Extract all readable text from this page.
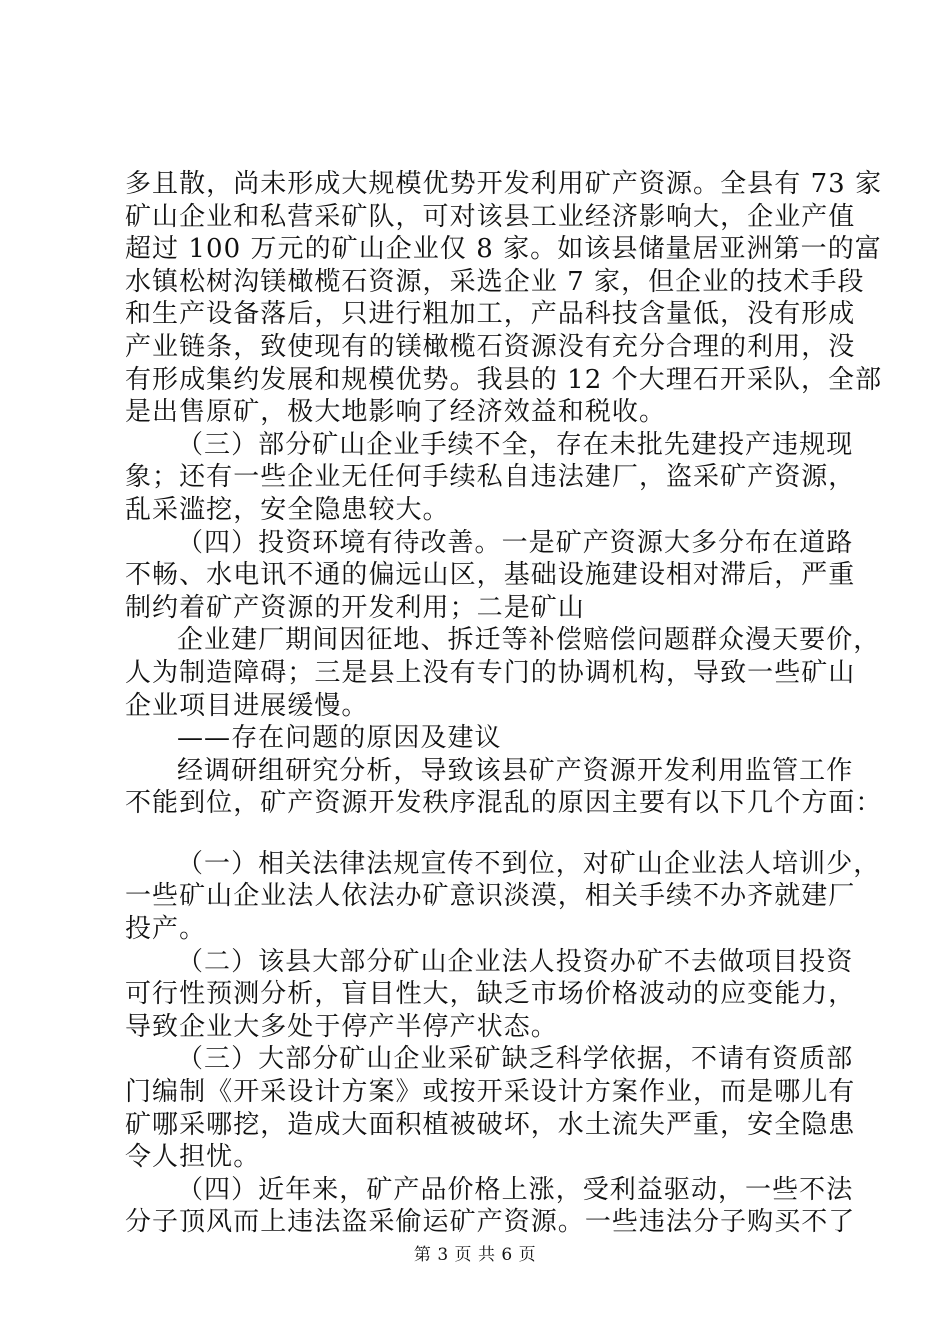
多且散，尚未形成大规模优势开发利用矿产资源。全县有 73 家
矿山企业和私营采矿队，可对该县工业经济影响大，企业产值
超过 100 万元的矿山企业仅 8 家。如该县储量居亚洲第一的富
水镇松树沟镁橄榄石资源，采选企业 7 家，但企业的技术手段
和生产设备落后，只进行粗加工，产品科技含量低，没有形成
产业链条，致使现有的镁橄榄石资源没有充分合理的利用，没
有形成集约发展和规模优势。我县的 12 个大理石开采队，全部
是出售原矿，极大地影响了经济效益和税收。
（三）部分矿山企业手续不全，存在未批先建投产违规现
象；还有一些企业无任何手续私自违法建厂，盗采矿产资源，
乱采滥挖，安全隐患较大。
（四）投资环境有待改善。一是矿产资源大多分布在道路
不畅、水电讯不通的偏远山区，基础设施建设相对滞后，严重
制约着矿产资源的开发利用；二是矿山
企业建厂期间因征地、拆迁等补偿赔偿问题群众漫天要价，
人为制造障碍；三是县上没有专门的协调机构，导致一些矿山
企业项目进展缓慢。
——存在问题的原因及建议
经调研组研究分析，导致该县矿产资源开发利用监管工作
不能到位，矿产资源开发秩序混乱的原因主要有以下几个方面：
（一）相关法律法规宣传不到位，对矿山企业法人培训少，
一些矿山企业法人依法办矿意识淡漠，相关手续不办齐就建厂
投产。
（二）该县大部分矿山企业法人投资办矿不去做项目投资
可行性预测分析，盲目性大，缺乏市场价格波动的应变能力，
导致企业大多处于停产半停产状态。
（三）大部分矿山企业采矿缺乏科学依据，不请有资质部
门编制《开采设计方案》或按开采设计方案作业，而是哪儿有
矿哪采哪挖，造成大面积植被破坏，水土流失严重，安全隐患
令人担忧。
（四）近年来，矿产品价格上涨，受利益驱动，一些不法
分子顶风而上违法盗采偷运矿产资源。一些违法分子购买不了
第 3 页 共 6 页
